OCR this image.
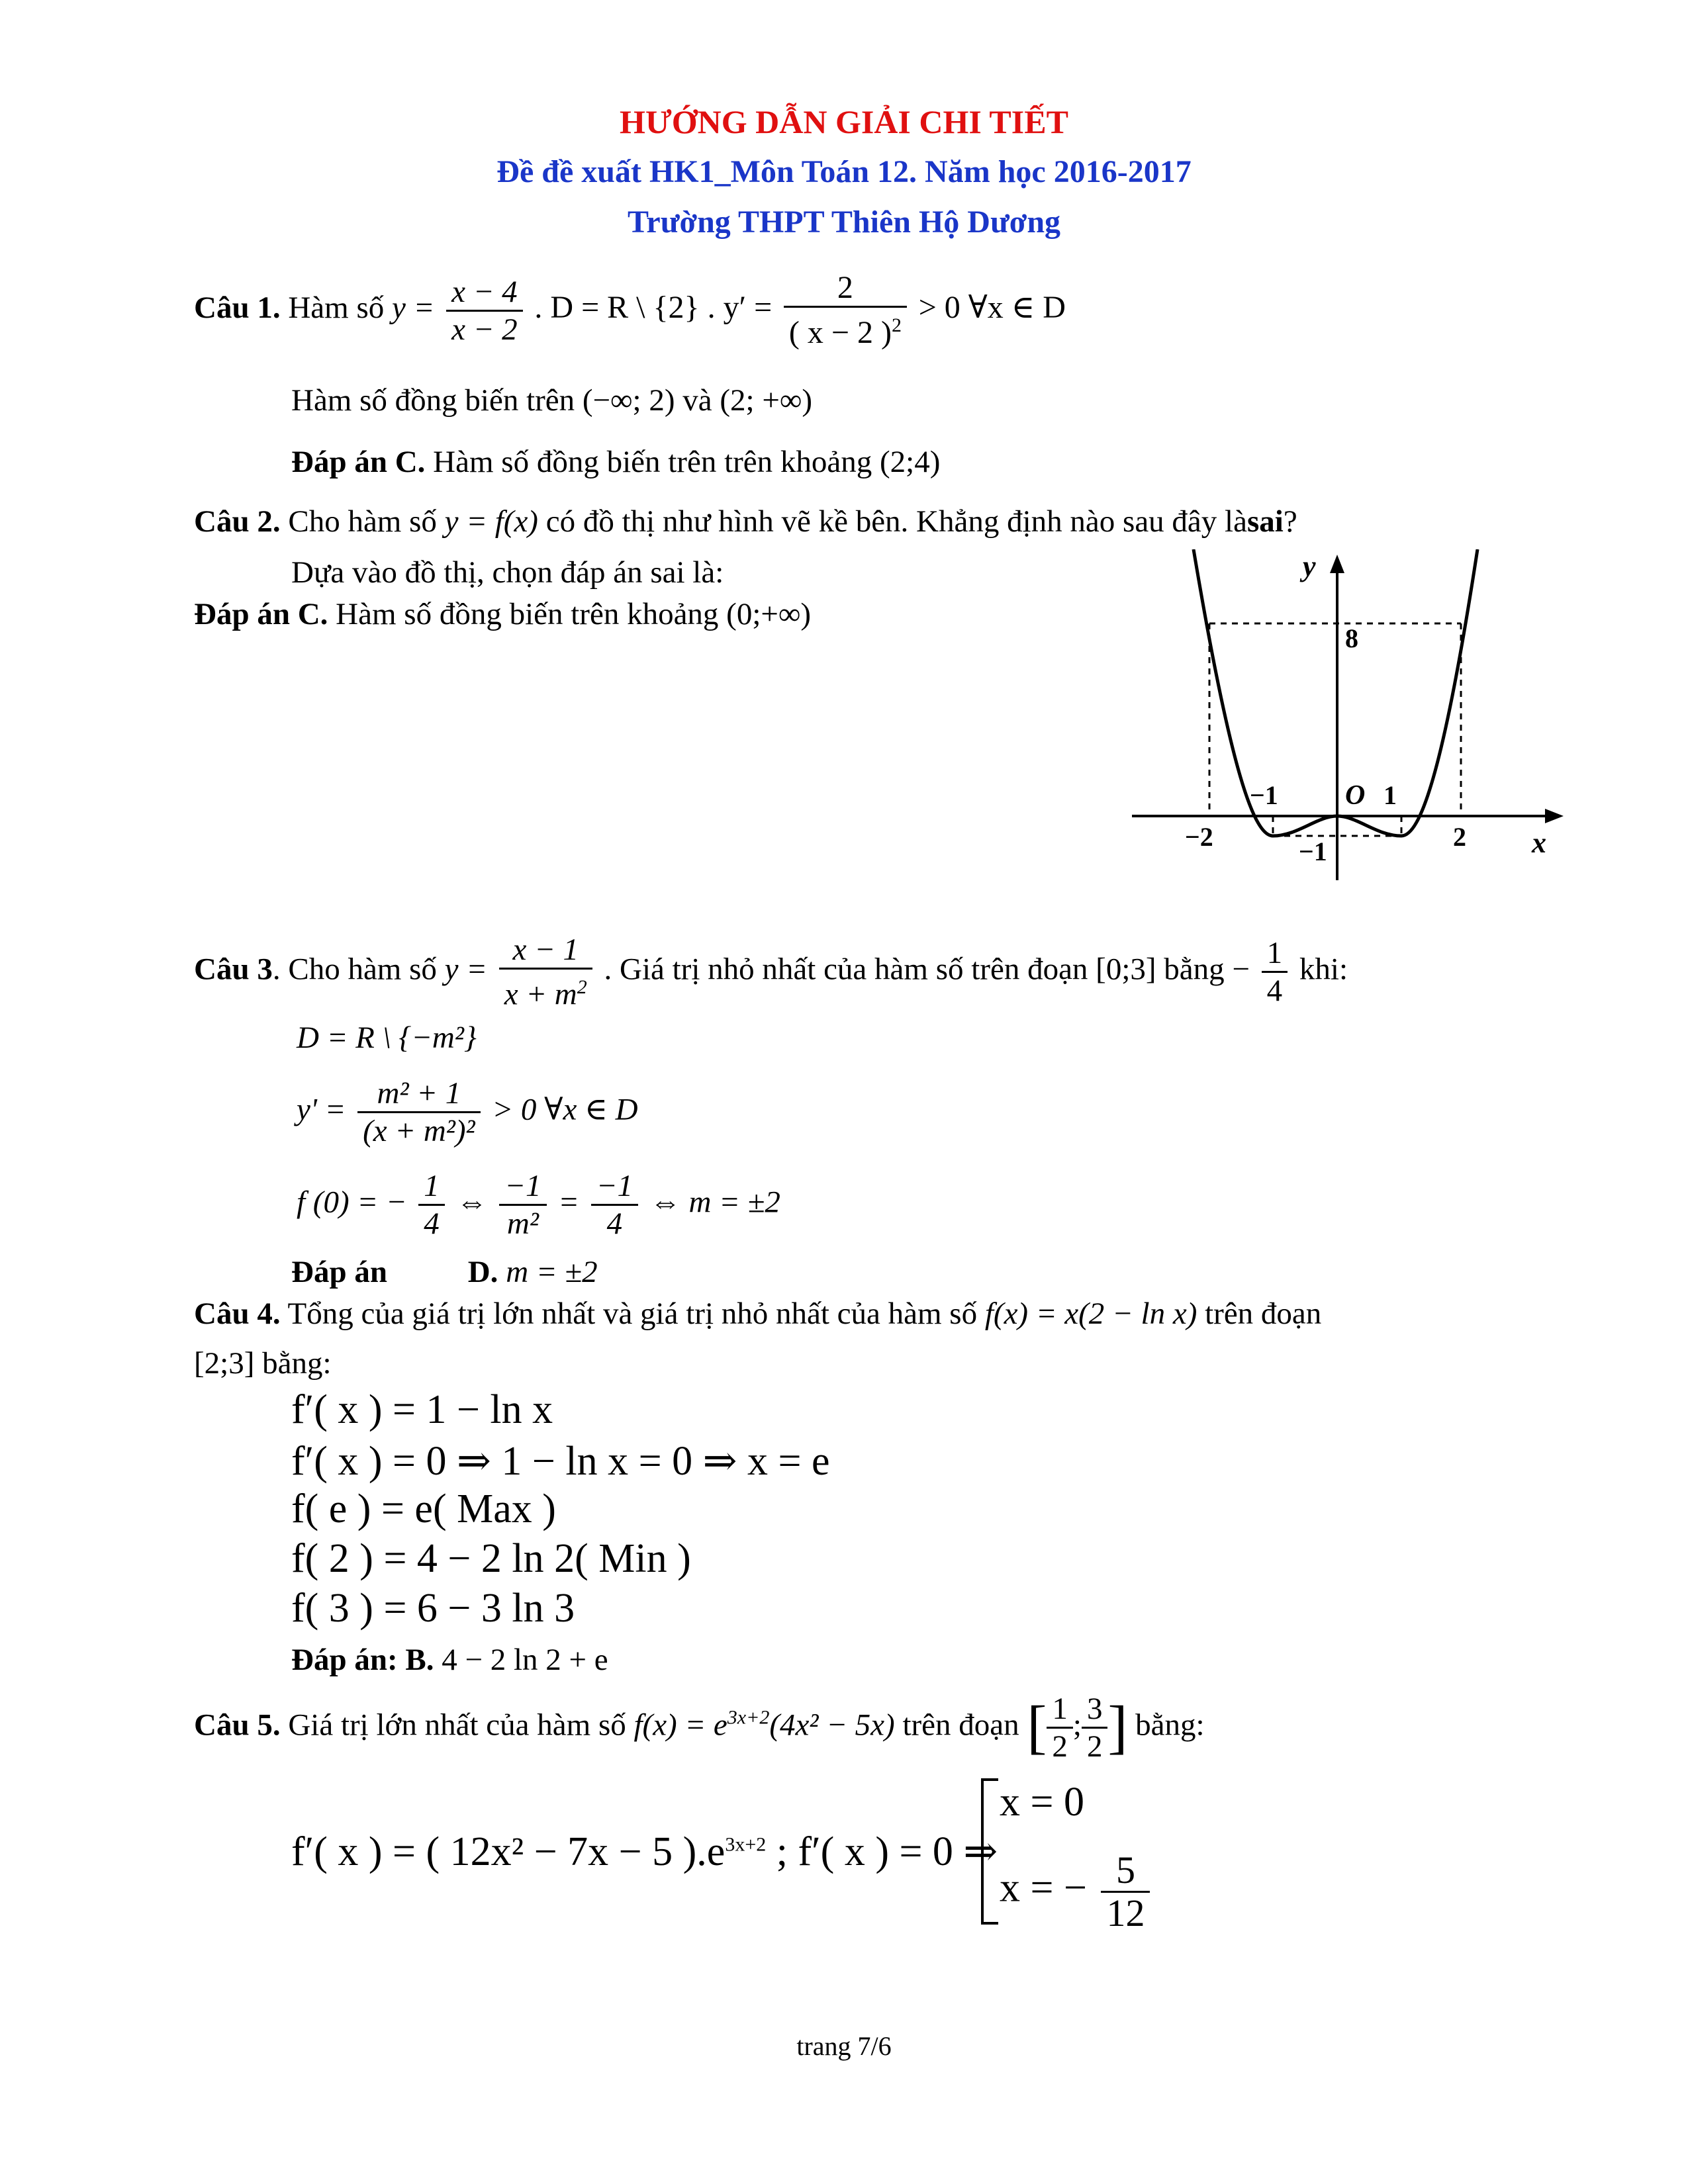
HƯỚNG DẪN GIẢI CHI TIẾT
Đề đề xuất HK1_Môn Toán 12. Năm học 2016-2017
Trường THPT Thiên Hộ Dương
Câu 1. Hàm số $y = \frac{x - 4}{x - 2}$ . D = R \ {2} . $y' = \frac{2}{( x - 2 )^2} > 0$ ∀x ∈ D
Hàm số đồng biến trên (−∞; 2) và (2; +∞)
Đáp án C. Hàm số đồng biến trên trên khoảng (2;4)
Câu 2. Cho hàm số y = f(x) có đồ thị như hình vẽ kề bên. Khẳng định nào sau đây làsai?
Dựa vào đồ thị, chọn đáp án sai là:
Đáp án C. Hàm số đồng biến trên khoảng (0;+∞)
y
x
8
O
−1	1
−2	2
−1
Câu 3. Cho hàm số $y = \frac{x - 1}{x + m^2}$ . Giá trị nhỏ nhất của hàm số trên đoạn [0;3] bằng − $\frac{1}{4}$ khi:
D = R \ {−m²}
$y' = \frac{\text{m² + 1}}{\text{(x + m²)²}} > 0$ ∀x ∈ D
f (0) = − $\frac{1}{4}$ ⇔ $\frac{-1}{\text{m²}} = \frac{-1}{4}$ ⇔ m = ±2
Đáp án	D. m = ±2
Câu 4. Tổng của giá trị lớn nhất và giá trị nhỏ nhất của hàm số f(x) = x(2 − ln x) trên đoạn
[2;3] bằng:
f′( x ) = 1 − ln x
f′( x ) = 0 ⇒ 1 − ln x = 0 ⇒ x = e
f( e ) = e( Max )
f( 2 ) = 4 − 2 ln 2( Min )
f( 3 ) = 6 − 3 ln 3
Đáp án: B. 4 − 2 ln 2 + e
Câu 5. Giá trị lớn nhất của hàm số $f(x) = e^{3x+2}(4x^2 - 5x)$ trên đoạn [ $\frac{1}{2}$ ; $\frac{3}{2}$ ] bằng:
f′( x ) = ( 12x² − 7x − 5 )$.e^{3x+2}$ ; f′( x ) = 0 ⇒
x = 0
x = − $\frac{5}{12}$
trang 7/6
